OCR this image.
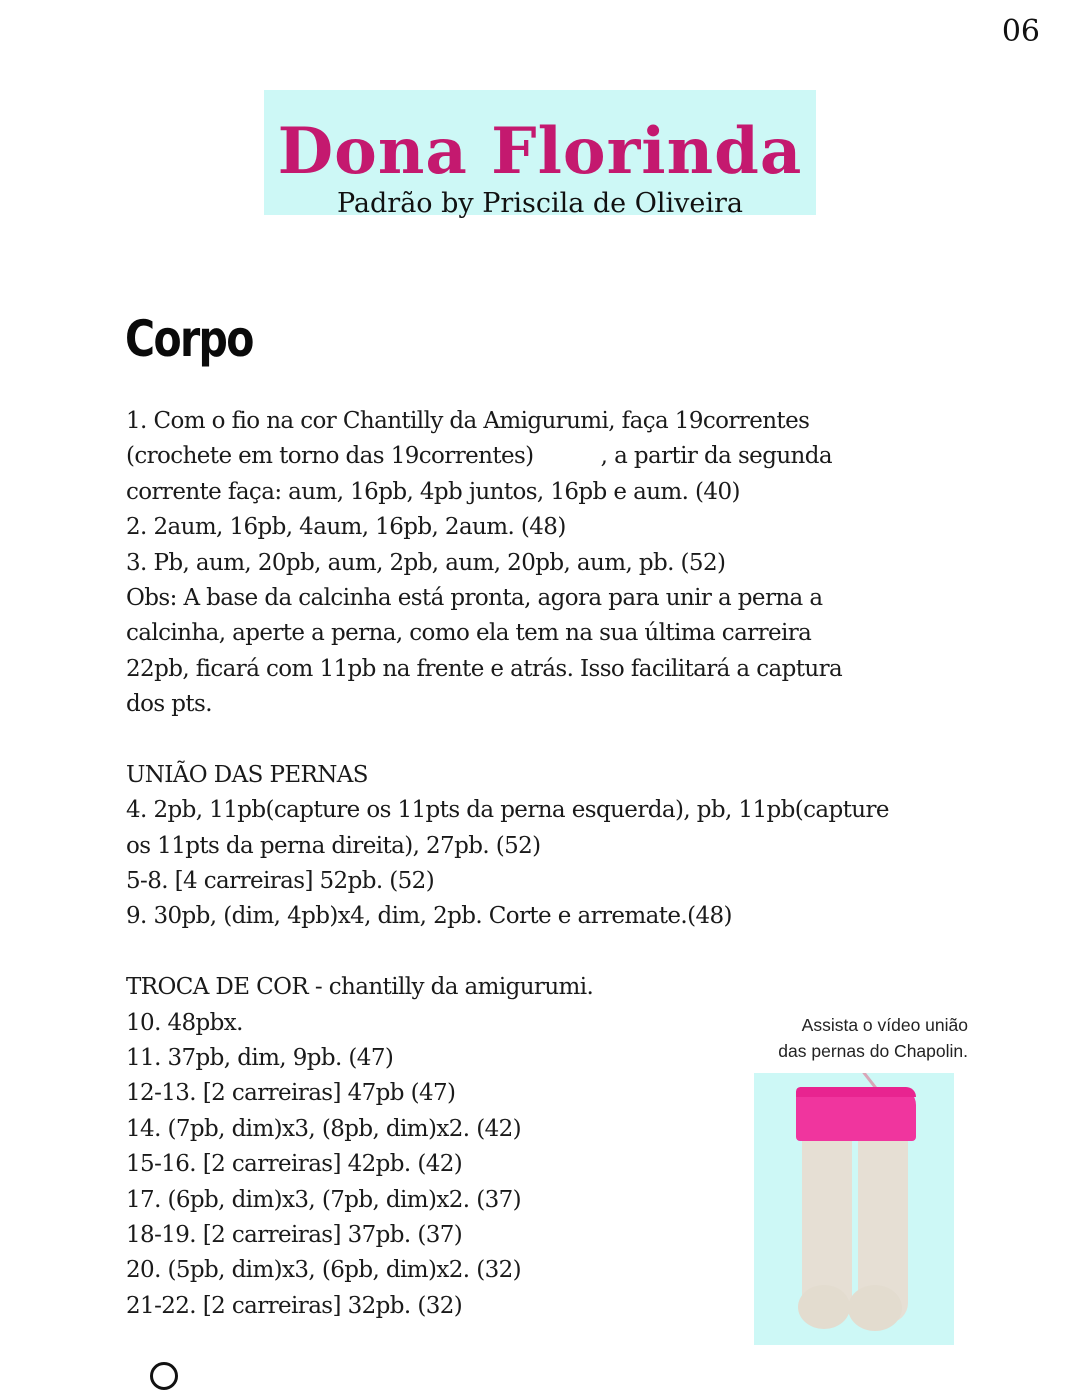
06
Dona Florinda
Padrão by Priscila de Oliveira
Corpo
1. Com o fio na cor Chantilly da Amigurumi, faça 19correntes
(crochete em torno das 19correntes)          , a partir da segunda
corrente faça: aum, 16pb, 4pb juntos, 16pb e aum. (40)
2. 2aum, 16pb, 4aum, 16pb, 2aum. (48)
3. Pb, aum, 20pb, aum, 2pb, aum, 20pb, aum, pb. (52)
Obs: A base da calcinha está pronta, agora para unir a perna a
calcinha, aperte a perna, como ela tem na sua última carreira
22pb, ficará com 11pb na frente e atrás. Isso facilitará a captura
dos pts.
UNIÃO DAS PERNAS
4. 2pb, 11pb(capture os 11pts da perna esquerda), pb, 11pb(capture
os 11pts da perna direita), 27pb. (52)
5-8. [4 carreiras] 52pb. (52)
9. 30pb, (dim, 4pb)x4, dim, 2pb. Corte e arremate.(48)
TROCA DE COR - chantilly da amigurumi.
10. 48pbx.
11. 37pb, dim, 9pb. (47)
12-13. [2 carreiras] 47pb (47)
14. (7pb, dim)x3, (8pb, dim)x2. (42)
15-16. [2 carreiras] 42pb. (42)
17. (6pb, dim)x3, (7pb, dim)x2. (37)
18-19. [2 carreiras] 37pb. (37)
20. (5pb, dim)x3, (6pb, dim)x2. (32)
21-22. [2 carreiras] 32pb. (32)
Assista o vídeo união
das pernas do Chapolin.
